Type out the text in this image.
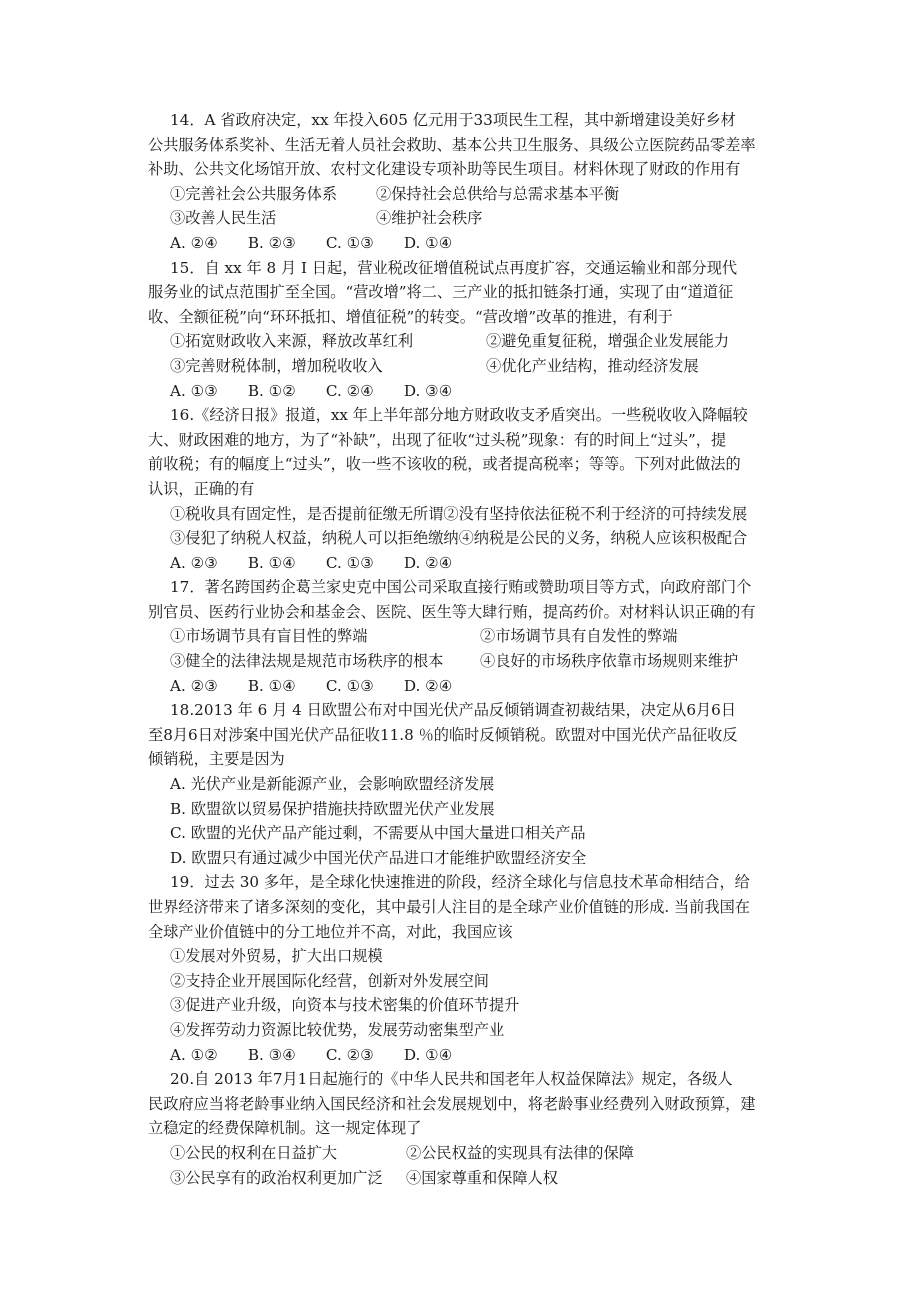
14．A 省政府决定，xx 年投入605 亿元用于33项民生工程，其中新增建设美好乡材
公共服务体系奖补、生活无着人员社会救助、基本公共卫生服务、具级公立医院药品零差率
补助、公共文化场馆开放、农村文化建设专项补助等民生项目。材料休现了财政的作用有
①完善社会公共服务体系	②保持社会总供给与总需求基本平衡
③改善人民生活	④维护社会秩序
A. ②④ B. ②③ C. ①③ D. ①④
15．自 xx 年 8 月 I 日起，营业税改征增值税试点再度扩容，交通运输业和部分现代
服务业的试点范围扩至全国。“营改增”将二、三产业的抵扣链条打通，实现了由“道道征
收、全额征税”向“环环抵扣、增值征税”的转变。“营改增”改革的推进，有利于
①拓宽财政收入来源，释放改革红利	②避免重复征税，增强企业发展能力
③完善财税体制，增加税收收入	④优化产业结构，推动经济发展
A. ①③ B. ①② C. ②④ D. ③④
16.《经济日报》报道，xx 年上半年部分地方财政收支矛盾突出。一些税收收入降幅较
大、财政困难的地方，为了“补缺”，出现了征收“过头税”现象：有的时间上“过头”，提
前收税；有的幅度上“过头”，收一些不该收的税，或者提高税率；等等。下列对此做法的
认识，正确的有
①税收具有固定性，是否提前征缴无所谓②没有坚持依法征税不利于经济的可持续发展
③侵犯了纳税人权益，纳税人可以拒绝缴纳④纳税是公民的义务，纳税人应该积极配合
A. ②③ B. ①④ C. ①③ D. ②④
17．著名跨国药企葛兰家史克中国公司采取直接行贿或赞助项目等方式，向政府部门个
别官员、医药行业协会和基金会、医院、医生等大肆行贿，提高药价。对材料认识正确的有
①市场调节具有盲目性的弊端	②市场调节具有自发性的弊端
③健全的法律法规是规范市场秩序的根本	④良好的市场秩序依靠市场规则来维护
A. ②③ B. ①④ C. ①③ D. ②④
18.2013 年 6 月 4 日欧盟公布对中国光伏产品反倾销调查初裁结果，决定从6月6日
至8月6日对涉案中国光伏产品征收11.8 ％的临时反倾销税。欧盟对中国光伏产品征收反
倾销税，主要是因为
A. 光伏产业是新能源产业，会影响欧盟经济发展
B. 欧盟欲以贸易保护措施扶持欧盟光伏产业发展
C. 欧盟的光伏产品产能过剩，不需要从中国大量进口相关产品
D. 欧盟只有通过减少中国光伏产品进口才能维护欧盟经济安全
19．过去 30 多年，是全球化快速推进的阶段，经济全球化与信息技术革命相结合，给
世界经济带来了诸多深刻的变化，其中最引人注目的是全球产业价值链的形成. 当前我国在
全球产业价值链中的分工地位并不高，对此，我国应该
①发展对外贸易，扩大出口规模
②支持企业开展国际化经营，创新对外发展空间
③促进产业升级，向资本与技术密集的价值环节提升
④发挥劳动力资源比较优势，发展劳动密集型产业
A. ①② B. ③④ C. ②③ D. ①④
20.自 2013 年7月1日起施行的《中华人民共和国老年人权益保障法》规定，各级人
民政府应当将老龄事业纳入国民经济和社会发展规划中，将老龄事业经费列入财政预算，建
立稳定的经费保障机制。这一规定体现了
①公民的权利在日益扩大	②公民权益的实现具有法律的保障
③公民享有的政治权利更加广泛	④国家尊重和保障人权
